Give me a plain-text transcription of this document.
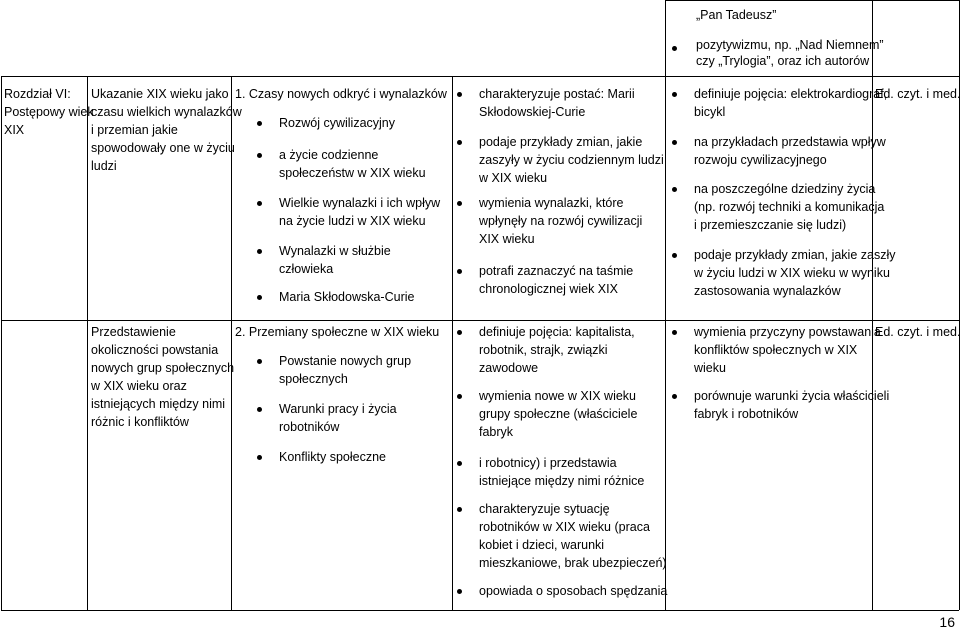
„Pan Tadeusz”
pozytywizmu, np. „Nad Niemnem”
czy „Trylogia”, oraz ich autorów
Rozdział VI:
Postępowy wiek
XIX
Ukazanie XIX wieku jako
czasu wielkich wynalazków
i przemian jakie
spowodowały one w życiu
ludzi
1. Czasy nowych odkryć i wynalazków
Rozwój cywilizacyjny
a życie codzienne
społeczeństw w XIX wieku
Wielkie wynalazki i ich wpływ
na życie ludzi w XIX wieku
Wynalazki w służbie
człowieka
Maria Skłodowska-Curie
charakteryzuje postać: Marii
Skłodowskiej-Curie
podaje przykłady zmian, jakie
zaszyły w życiu codziennym ludzi
w XIX wieku
wymienia wynalazki, które
wpłynęły na rozwój cywilizacji
XIX wieku
potrafi zaznaczyć na taśmie
chronologicznej wiek XIX
definiuje pojęcia: elektrokardiograf,
bicykl
na przykładach przedstawia wpływ
rozwoju cywilizacyjnego
na poszczególne dziedziny życia
(np. rozwój techniki a komunikacja
i przemieszczanie się ludzi)
podaje przykłady zmian, jakie zaszły
w życiu ludzi w XIX wieku w wyniku
zastosowania wynalazków
Ed. czyt. i med.
Przedstawienie
okoliczności powstania
nowych grup społecznych
w XIX wieku oraz
istniejących między nimi
różnic i konfliktów
2. Przemiany społeczne w XIX wieku
Powstanie nowych grup
społecznych
Warunki pracy i życia
robotników
Konflikty społeczne
definiuje pojęcia: kapitalista,
robotnik, strajk, związki
zawodowe
wymienia nowe w XIX wieku
grupy społeczne (właściciele
fabryk
i robotnicy) i przedstawia
istniejące między nimi różnice
charakteryzuje sytuację
robotników w XIX wieku (praca
kobiet i dzieci, warunki
mieszkaniowe, brak ubezpieczeń)
opowiada o sposobach spędzania
wymienia przyczyny powstawania
konfliktów społecznych w XIX
wieku
porównuje warunki życia właścicieli
fabryk i robotników
Ed. czyt. i med.
16
